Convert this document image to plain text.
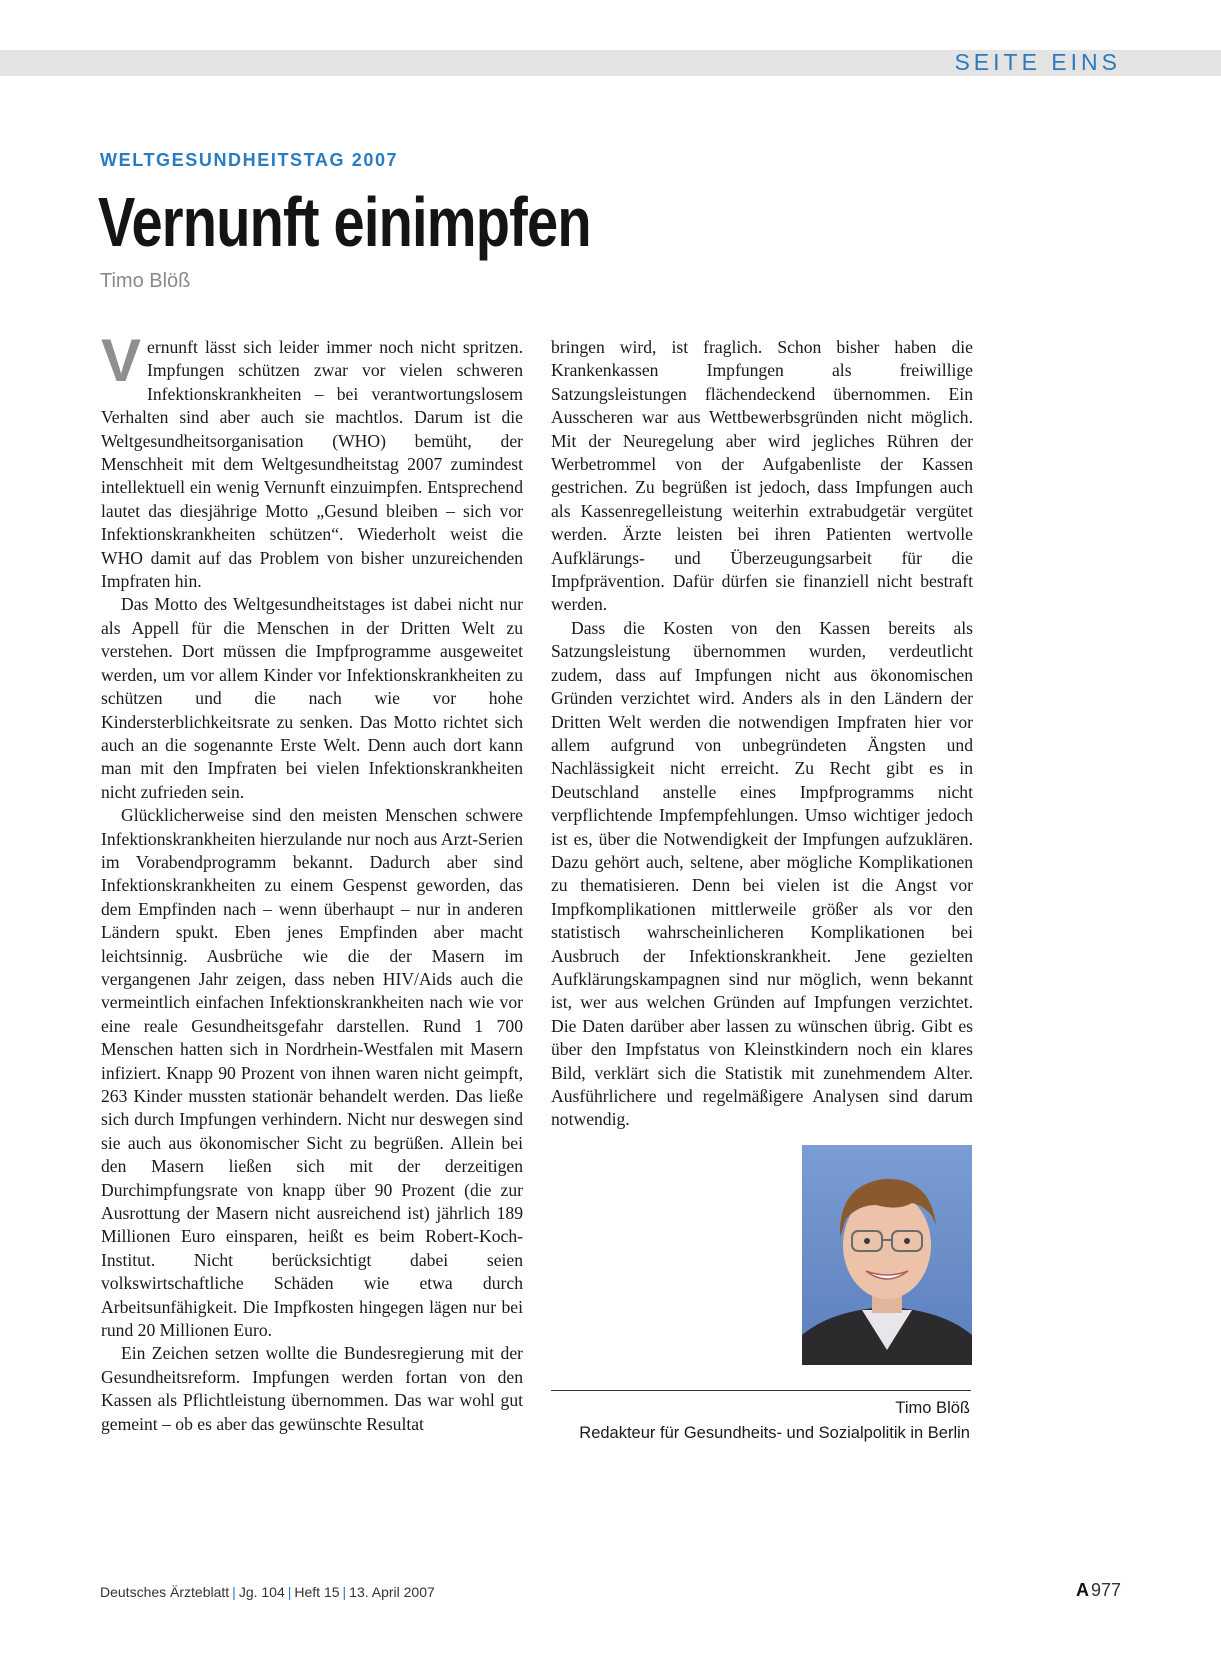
SEITE EINS
WELTGESUNDHEITSTAG 2007
Vernunft einimpfen
Timo Blöß

Vernunft lässt sich leider immer noch nicht spritzen. Impfungen schützen zwar vor vielen schweren Infektionskrankheiten – bei verantwortungslosem Verhalten sind aber auch sie machtlos. Darum ist die Weltgesundheitsorganisation (WHO) bemüht, der Menschheit mit dem Weltgesundheitstag 2007 zumindest intellektuell ein wenig Vernunft einzuimpfen. Entsprechend lautet das diesjährige Motto „Gesund bleiben – sich vor Infektionskrankheiten schützen“. Wiederholt weist die WHO damit auf das Problem von bisher unzureichenden Impfraten hin.

Das Motto des Weltgesundheitstages ist dabei nicht nur als Appell für die Menschen in der Dritten Welt zu verstehen. Dort müssen die Impfprogramme ausgeweitet werden, um vor allem Kinder vor Infektionskrankheiten zu schützen und die nach wie vor hohe Kindersterblichkeitsrate zu senken. Das Motto richtet sich auch an die sogenannte Erste Welt. Denn auch dort kann man mit den Impfraten bei vielen Infektionskrankheiten nicht zufrieden sein.

Glücklicherweise sind den meisten Menschen schwere Infektionskrankheiten hierzulande nur noch aus Arzt-Serien im Vorabendprogramm bekannt. Dadurch aber sind Infektionskrankheiten zu einem Gespenst geworden, das dem Empfinden nach – wenn überhaupt – nur in anderen Ländern spukt. Eben jenes Empfinden aber macht leichtsinnig. Ausbrüche wie die der Masern im vergangenen Jahr zeigen, dass neben HIV/Aids auch die vermeintlich einfachen Infektionskrankheiten nach wie vor eine reale Gesundheitsgefahr darstellen. Rund 1 700 Menschen hatten sich in Nordrhein-Westfalen mit Masern infiziert. Knapp 90 Prozent von ihnen waren nicht geimpft, 263 Kinder mussten stationär behandelt werden. Das ließe sich durch Impfungen verhindern. Nicht nur deswegen sind sie auch aus ökonomischer Sicht zu begrüßen. Allein bei den Masern ließen sich mit der derzeitigen Durchimpfungsrate von knapp über 90 Prozent (die zur Ausrottung der Masern nicht ausreichend ist) jährlich 189 Millionen Euro einsparen, heißt es beim Robert-Koch-Institut. Nicht berücksichtigt dabei seien volkswirtschaftliche Schäden wie etwa durch Arbeitsunfähigkeit. Die Impfkosten hingegen lägen nur bei rund 20 Millionen Euro.

Ein Zeichen setzen wollte die Bundesregierung mit der Gesundheitsreform. Impfungen werden fortan von den Kassen als Pflichtleistung übernommen. Das war wohl gut gemeint – ob es aber das gewünschte Resultat

bringen wird, ist fraglich. Schon bisher haben die Krankenkassen Impfungen als freiwillige Satzungsleistungen flächendeckend übernommen. Ein Ausscheren war aus Wettbewerbsgründen nicht möglich. Mit der Neuregelung aber wird jegliches Rühren der Werbetrommel von der Aufgabenliste der Kassen gestrichen. Zu begrüßen ist jedoch, dass Impfungen auch als Kassenregelleistung weiterhin extrabudgetär vergütet werden. Ärzte leisten bei ihren Patienten wertvolle Aufklärungs- und Überzeugungsarbeit für die Impfprävention. Dafür dürfen sie finanziell nicht bestraft werden.

Dass die Kosten von den Kassen bereits als Satzungsleistung übernommen wurden, verdeutlicht zudem, dass auf Impfungen nicht aus ökonomischen Gründen verzichtet wird. Anders als in den Ländern der Dritten Welt werden die notwendigen Impfraten hier vor allem aufgrund von unbegründeten Ängsten und Nachlässigkeit nicht erreicht. Zu Recht gibt es in Deutschland anstelle eines Impfprogramms nicht verpflichtende Impfempfehlungen. Umso wichtiger jedoch ist es, über die Notwendigkeit der Impfungen aufzuklären. Dazu gehört auch, seltene, aber mögliche Komplikationen zu thematisieren. Denn bei vielen ist die Angst vor Impfkomplikationen mittlerweile größer als vor den statistisch wahrscheinlicheren Komplikationen bei Ausbruch der Infektionskrankheit. Jene gezielten Aufklärungskampagnen sind nur möglich, wenn bekannt ist, wer aus welchen Gründen auf Impfungen verzichtet. Die Daten darüber aber lassen zu wünschen übrig. Gibt es über den Impfstatus von Kleinstkindern noch ein klares Bild, verklärt sich die Statistik mit zunehmendem Alter. Ausführlichere und regelmäßigere Analysen sind darum notwendig.

Timo Blöß
Redakteur für Gesundheits- und Sozialpolitik in Berlin
Deutsches Ärzteblatt | Jg. 104 | Heft 15 | 13. April 2007	A 977
